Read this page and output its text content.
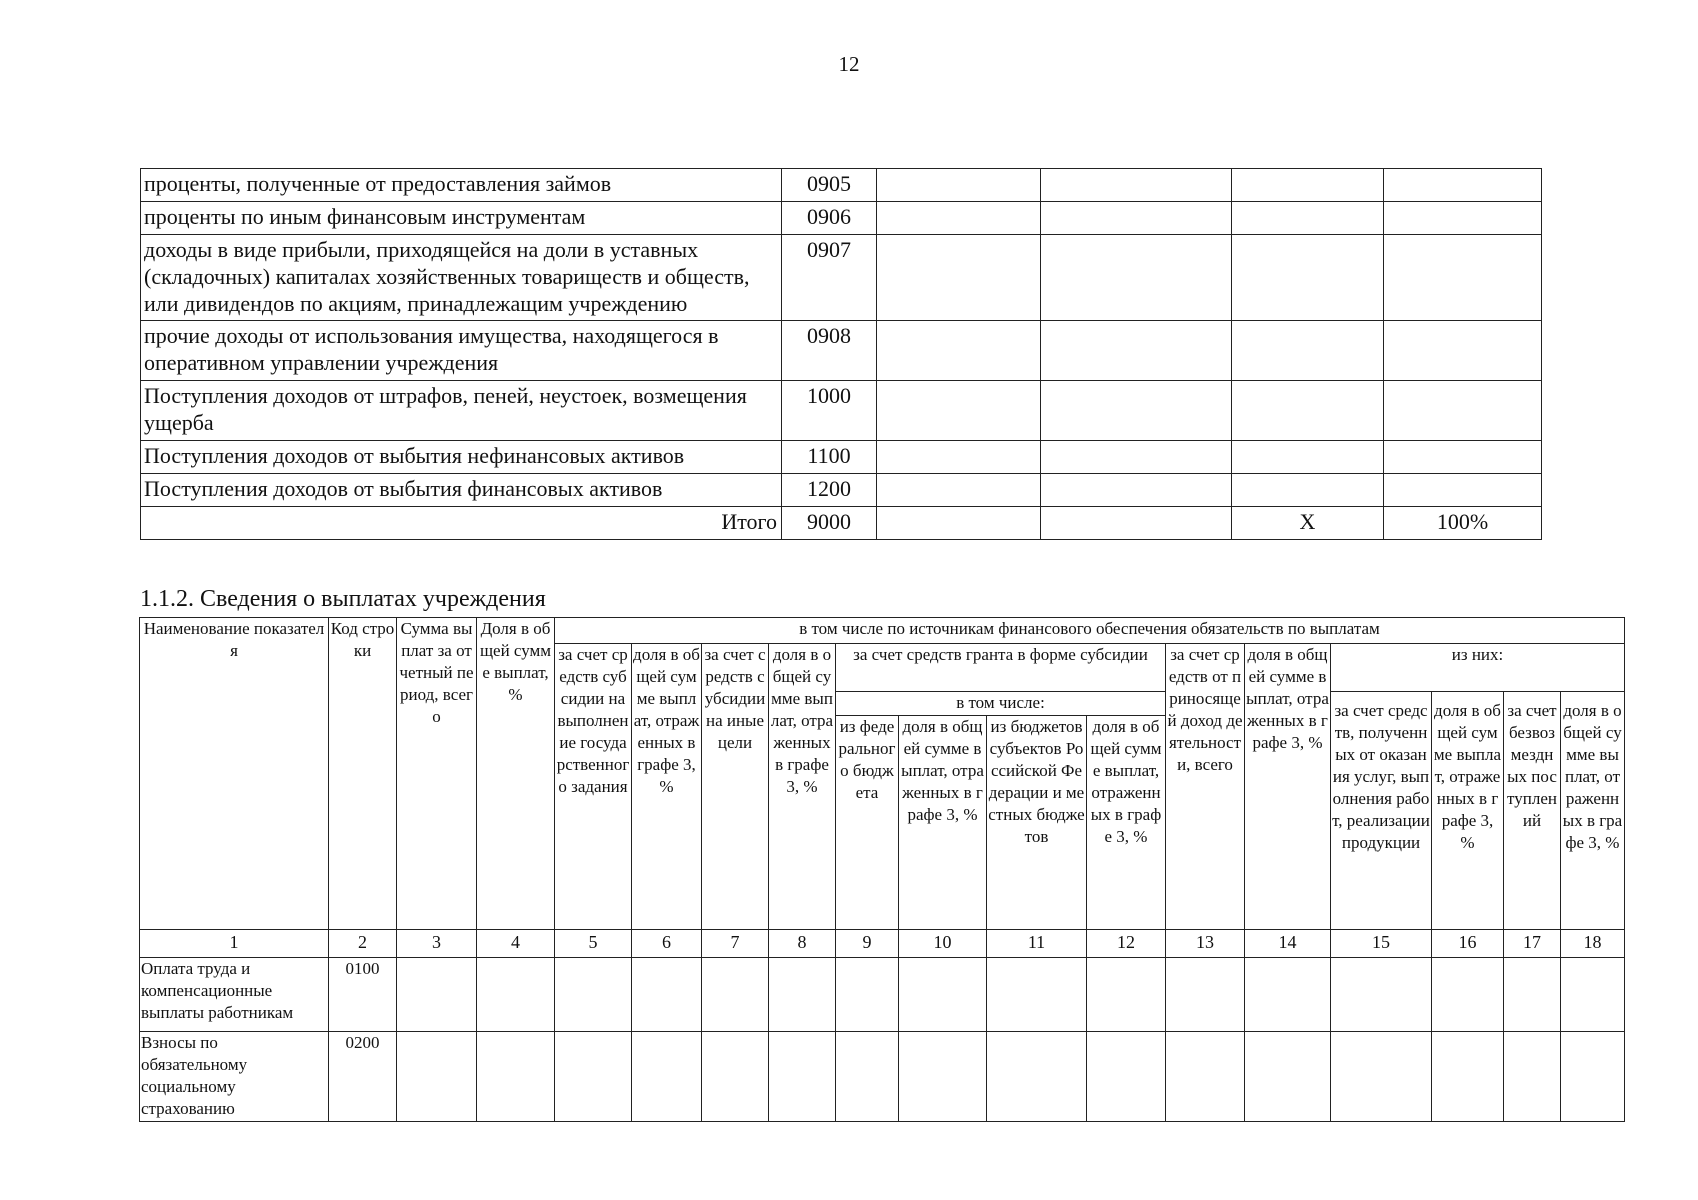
12
проценты, полученные от предоставления займов	0905				
проценты по иным финансовым инструментам	0906				
доходы в виде прибыли, приходящейся на доли в уставных (складочных) капиталах хозяйственных товариществ и обществ, или дивидендов по акциям, принадлежащим учреждению	0907				
прочие доходы от использования имущества, находящегося в оперативном управлении учреждения	0908				
Поступления доходов от штрафов, пеней, неустоек, возмещения ущерба	1000				
Поступления доходов от выбытия нефинансовых активов	1100				
Поступления доходов от выбытия финансовых активов	1200				
Итого	9000			X	100%
1.1.2. Сведения о выплатах учреждения
Наименование показателя	Код строки	Сумма выплат за отчетный период, всего	Доля в общей сумме выплат, %	в том числе по источникам финансового обеспечения обязательств по выплатам													
				за счет средств субсидии на выполнение государственного задания	доля в общей сумме выплат, отраженных в графе 3, %	за счет средств субсидии на иные цели	доля в общей сумме выплат, отраженных в графе 3, %	за счет средств гранта в форме субсидии				за счет средств от приносящей доход деятельности, всего	доля в общей сумме выплат, отраженных в графе 3, %	из них:			
								в том числе:						за счет средств, полученных от оказания услуг, выполнения работ, реализации продукции	доля в общей сумме выплат, отраженных в графе 3, %	за счет безвозмездных поступлений	доля в общей сумме выплат, отраженных в графе 3, %
								из федерального бюджета	доля в общей сумме выплат, отраженных в графе 3, %	из бюджетов субъектов Российской Федерации и местных бюджетов	доля в общей сумме выплат, отраженных в графе 3, %						
1	2	3	4	5	6	7	8	9	10	11	12	13	14	15	16	17	18
Оплата труда и компенсационные выплаты работникам	0100																
Взносы по обязательному социальному страхованию	0200																
